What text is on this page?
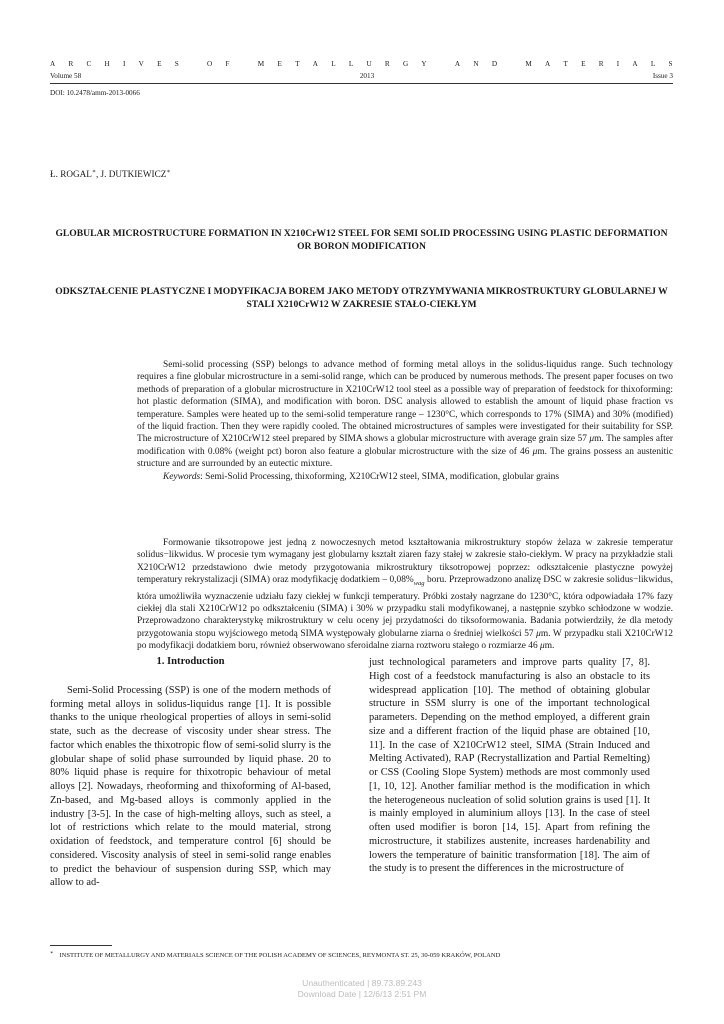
A R C H I V E S
	O F
	M E T A L L U R G Y
	A N D
	M A T E R I A L S
Volume 58	2013	Issue 3
DOI: 10.2478/amm-2013-0066
Ł. ROGAL∗, J. DUTKIEWICZ∗
GLOBULAR MICROSTRUCTURE FORMATION IN X210CrW12 STEEL FOR SEMI SOLID PROCESSING USING PLASTIC DEFORMATION OR BORON MODIFICATION
ODKSZTAŁCENIE PLASTYCZNE I MODYFIKACJA BOREM JAKO METODY OTRZYMYWANIA MIKROSTRUKTURY GLOBULARNEJ W STALI X210CrW12 W ZAKRESIE STAŁO-CIEKŁYM

Semi-solid processing (SSP) belongs to advance method of forming metal alloys in the solidus-liquidus range. Such technology requires a fine globular microstructure in a semi-solid range, which can be produced by numerous methods. The present paper focuses on two methods of preparation of a globular microstructure in X210CrW12 tool steel as a possible way of preparation of feedstock for thixoforming: hot plastic deformation (SIMA), and modification with boron. DSC analysis allowed to establish the amount of liquid phase fraction vs temperature. Samples were heated up to the semi-solid temperature range – 1230°C, which corresponds to 17% (SIMA) and 30% (modified) of the liquid fraction. Then they were rapidly cooled. The obtained microstructures of samples were investigated for their suitability for SSP. The microstructure of X210CrW12 steel prepared by SIMA shows a globular microstructure with average grain size 57 μm. The samples after modification with 0.08% (weight pct) boron also feature a globular microstructure with the size of 46 μm. The grains possess an austenitic structure and are surrounded by an eutectic mixture.

Keywords: Semi-Solid Processing, thixoforming, X210CrW12 steel, SIMA, modification, globular grains

Formowanie tiksotropowe jest jedną z nowoczesnych metod kształtowania mikrostruktury stopów żelaza w zakresie temperatur solidus−likwidus. W procesie tym wymagany jest globularny kształt ziaren fazy stałej w zakresie stało-ciekłym. W pracy na przykładzie stali X210CrW12 przedstawiono dwie metody przygotowania mikrostruktury tiksotropowej poprzez: odkształcenie plastyczne powyżej temperatury rekrystalizacji (SIMA) oraz modyfikację dodatkiem – $0,08\%_{wag}$ boru. Przeprowadzono analizę DSC w zakresie solidus−likwidus, która umożliwiła wyznaczenie udziału fazy ciekłej w funkcji temperatury. Próbki zostały nagrzane do 1230°C, która odpowiadała 17% fazy ciekłej dla stali X210CrW12 po odkształceniu (SIMA) i 30% w przypadku stali modyfikowanej, a następnie szybko schłodzone w wodzie. Przeprowadzono charakterystykę mikrostruktury w celu oceny jej przydatności do tiksoformowania. Badania potwierdziły, że dla metody przygotowania stopu wyjściowego metodą SIMA występowały globularne ziarna o średniej wielkości 57 μm. W przypadku stali X210CrW12 po modyfikacji dodatkiem boru, również obserwowano sferoidalne ziarna roztworu stałego o rozmiarze 46 μm.

1. Introduction

Semi-Solid Processing (SSP) is one of the modern methods of forming metal alloys in solidus-liquidus range [1]. It is possible thanks to the unique rheological properties of alloys in semi-solid state, such as the decrease of viscosity under shear stress. The factor which enables the thixotropic flow of semi-solid slurry is the globular shape of solid phase surrounded by liquid phase. 20 to 80% liquid phase is require for thixotropic behaviour of metal alloys [2]. Nowadays, rheoforming and thixoforming of Al-based, Zn-based, and Mg-based alloys is commonly applied in the industry [3-5]. In the case of high-melting alloys, such as steel, a lot of restrictions which relate to the mould material, strong oxidation of feedstock, and temperature control [6] should be considered. Viscosity analysis of steel in semi-solid range enables to predict the behaviour of suspension during SSP, which may allow to ad-

just technological parameters and improve parts quality [7, 8]. High cost of a feedstock manufacturing is also an obstacle to its widespread application [10]. The method of obtaining globular structure in SSM slurry is one of the important technological parameters. Depending on the method employed, a different grain size and a different fraction of the liquid phase are obtained [10, 11]. In the case of X210CrW12 steel, SIMA (Strain Induced and Melting Activated), RAP (Recrystallization and Partial Remelting) or CSS (Cooling Slope System) methods are most commonly used [1, 10, 12]. Another familiar method is the modification in which the heterogeneous nucleation of solid solution grains is used [1]. It is mainly employed in aluminium alloys [13]. In the case of steel often used modifier is boron [14, 15]. Apart from refining the microstructure, it stabilizes austenite, increases hardenability and lowers the temperature of bainitic transformation [18]. The aim of the study is to present the differences in the microstructure of

∗ INSTITUTE OF METALLURGY AND MATERIALS SCIENCE OF THE POLISH ACADEMY OF SCIENCES, REYMONTA ST. 25, 30-059 KRAKÓW, POLAND
Unauthenticated | 89.73.89.243
Download Date | 12/6/13 2:51 PM
